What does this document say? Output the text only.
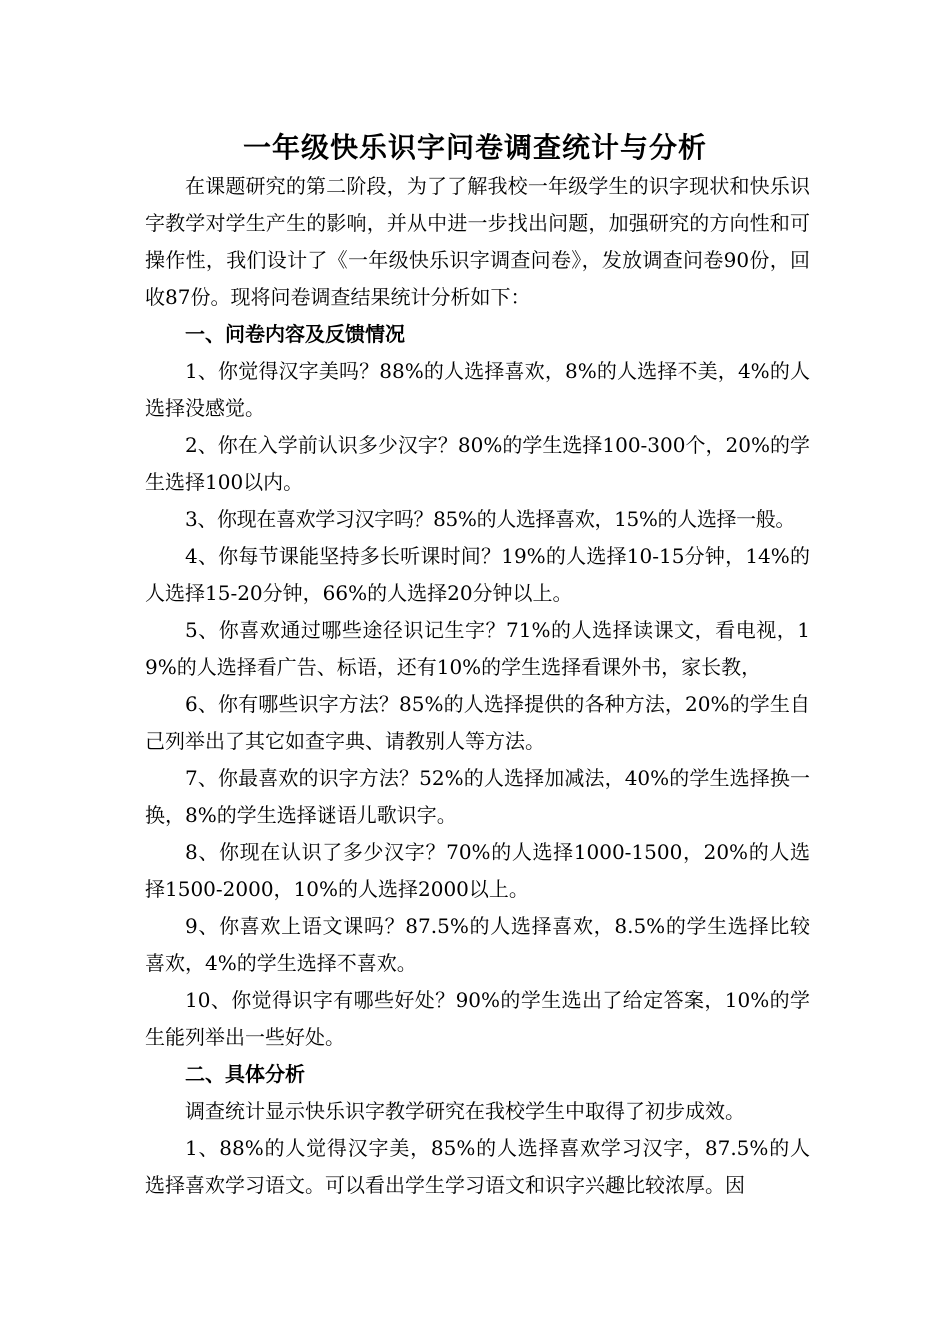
一年级快乐识字问卷调查统计与分析

在课题研究的第二阶段，为了了解我校一年级学生的识字现状和快乐识字教学对学生产生的影响，并从中进一步找出问题，加强研究的方向性和可操作性，我们设计了《一年级快乐识字调查问卷》，发放调查问卷90份，回收87份。现将问卷调查结果统计分析如下：

一、问卷内容及反馈情况

1、你觉得汉字美吗？88%的人选择喜欢，8%的人选择不美，4%的人选择没感觉。

2、你在入学前认识多少汉字？80%的学生选择100-300个，20%的学生选择100以内。

3、你现在喜欢学习汉字吗？85%的人选择喜欢，15%的人选择一般。

4、你每节课能坚持多长听课时间？19%的人选择10-15分钟，14%的人选择15-20分钟，66%的人选择20分钟以上。

5、你喜欢通过哪些途径识记生字？71%的人选择读课文，看电视，19%的人选择看广告、标语，还有10%的学生选择看课外书，家长教，

6、你有哪些识字方法？85%的人选择提供的各种方法，20%的学生自己列举出了其它如查字典、请教别人等方法。

7、你最喜欢的识字方法？52%的人选择加减法，40%的学生选择换一换，8%的学生选择谜语儿歌识字。

8、你现在认识了多少汉字？70%的人选择1000-1500，20%的人选择1500-2000，10%的人选择2000以上。

9、你喜欢上语文课吗？87.5%的人选择喜欢，8.5%的学生选择比较喜欢，4%的学生选择不喜欢。

10、你觉得识字有哪些好处？90%的学生选出了给定答案，10%的学生能列举出一些好处。

二、具体分析

调查统计显示快乐识字教学研究在我校学生中取得了初步成效。

1、88%的人觉得汉字美，85%的人选择喜欢学习汉字，87.5%的人选择喜欢学习语文。可以看出学生学习语文和识字兴趣比较浓厚。因
